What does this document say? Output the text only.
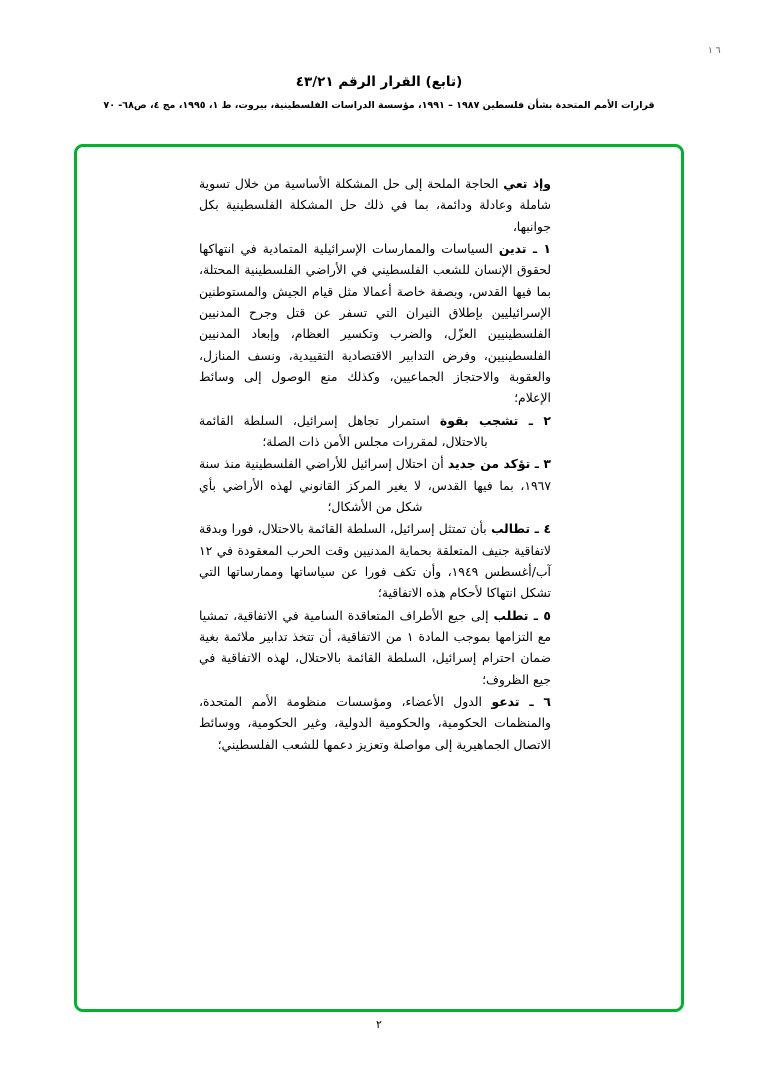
٦ ١
(تابع) القرار الرقم ٤٣/٢١
قرارات الأمم المتحدة بشأن فلسطين ١٩٨٧ – ١٩٩١، مؤسسة الدراسات الفلسطينية، بيروت، ط ١، ١٩٩٥، مج ٤، ص٦٨- ٧٠

وإذ تعي الحاجة الملحة إلى حل المشكلة الأساسية من خلال تسوية شاملة وعادلة ودائمة، بما في ذلك حل المشكلة الفلسطينية بكل جوانبها،

١ ـ تدين السياسات والممارسات الإسرائيلية المتمادية في انتهاكها لحقوق الإنسان للشعب الفلسطيني في الأراضي الفلسطينية المحتلة، بما فيها القدس، وبصفة خاصة أعمالا مثل قيام الجيش والمستوطنين الإسرائيليين بإطلاق النيران التي تسفر عن قتل وجرح المدنيين الفلسطينيين العزّل، والضرب وتكسير العظام، وإبعاد المدنيين الفلسطينيين، وفرض التدابير الاقتصادية التقييدية، ونسف المنازل، والعقوبة والاحتجاز الجماعيين، وكذلك منع الوصول إلى وسائط الإعلام؛

٢ ـ تشجب بقوة استمرار تجاهل إسرائيل، السلطة القائمة بالاحتلال، لمقررات مجلس الأمن ذات الصلة؛

٣ ـ تؤكد من جديد أن احتلال إسرائيل للأراضي الفلسطينية منذ سنة ١٩٦٧، بما فيها القدس، لا يغير المركز القانوني لهذه الأراضي بأي شكل من الأشكال؛

٤ ـ تطالب بأن تمتثل إسرائيل، السلطة القائمة بالاحتلال، فورا وبدقة لاتفاقية جنيف المتعلقة بحماية المدنيين وقت الحرب المعقودة في ١٢ آب/أغسطس ١٩٤٩، وأن تكف فورا عن سياساتها وممارساتها التي تشكل انتهاكا لأحكام هذه الاتفاقية؛

٥ ـ تطلب إلى جيع الأطراف المتعاقدة السامية في الاتفاقية، تمشيا مع التزامها بموجب المادة ١ من الاتفاقية، أن تتخذ تدابير ملائمة بغية ضمان احترام إسرائيل، السلطة القائمة بالاحتلال، لهذه الاتفاقية في جيع الظروف؛

٦ ـ تدعو الدول الأعضاء، ومؤسسات منظومة الأمم المتحدة، والمنظمات الحكومية، والحكومية الدولية، وغير الحكومية، ووسائط الاتصال الجماهيرية إلى مواصلة وتعزيز دعمها للشعب الفلسطيني؛

٢
